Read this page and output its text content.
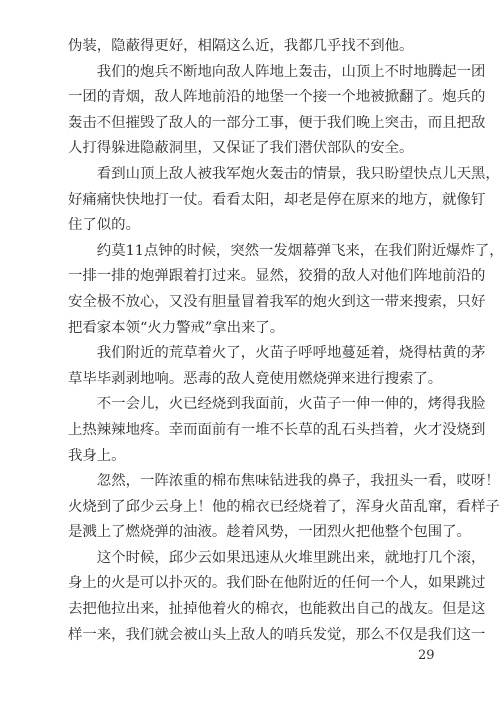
伪装，隐蔽得更好，相隔这么近，我都几乎找不到他。
我们的炮兵不断地向敌人阵地上轰击，山顶上不时地腾起一团
一团的青烟，敌人阵地前沿的地堡一个接一个地被掀翻了。炮兵的
轰击不但摧毁了敌人的一部分工事，便于我们晚上突击，而且把敌
人打得躲进隐蔽洞里，又保证了我们潜伏部队的安全。
看到山顶上敌人被我军炮火轰击的情景，我只盼望快点儿天黑，
好痛痛快快地打一仗。看看太阳，却老是停在原来的地方，就像钉
住了似的。
约莫11点钟的时候，突然一发烟幕弹飞来，在我们附近爆炸了，
一排一排的炮弹跟着打过来。显然，狡猾的敌人对他们阵地前沿的
安全极不放心，又没有胆量冒着我军的炮火到这一带来搜索，只好
把看家本领“火力警戒”拿出来了。
我们附近的荒草着火了，火苗子呼呼地蔓延着，烧得枯黄的茅
草毕毕剥剥地响。恶毒的敌人竟使用燃烧弹来进行搜索了。
不一会儿，火已经烧到我面前，火苗子一伸一伸的，烤得我脸
上热辣辣地疼。幸而面前有一堆不长草的乱石头挡着，火才没烧到
我身上。
忽然，一阵浓重的棉布焦味钻进我的鼻子，我扭头一看，哎呀！
火烧到了邱少云身上！他的棉衣已经烧着了，浑身火苗乱窜，看样子
是溅上了燃烧弹的油液。趁着风势，一团烈火把他整个包围了。
这个时候，邱少云如果迅速从火堆里跳出来，就地打几个滚，
身上的火是可以扑灭的。我们卧在他附近的任何一个人，如果跳过
去把他拉出来，扯掉他着火的棉衣，也能救出自己的战友。但是这
样一来，我们就会被山头上敌人的哨兵发觉，那么不仅是我们这一
29
